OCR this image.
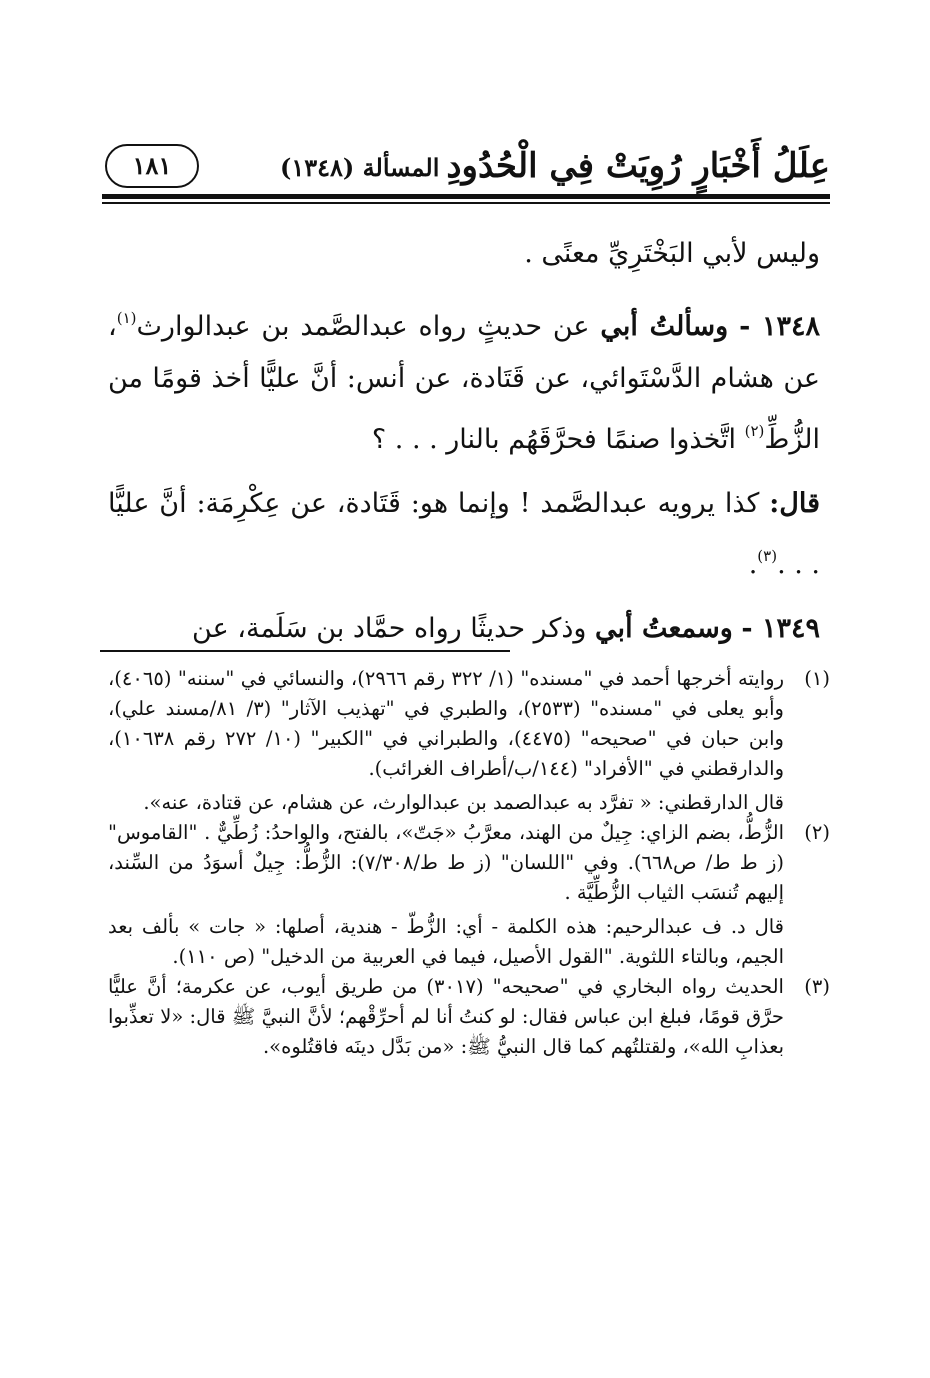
عِلَلُ أَخْبَارٍ رُوِيَتْ فِي الْحُدُودِ
المسألة (١٣٤٨)
١٨١

وليس لأبي البَخْتَرِيِّ معنًى .

١٣٤٨ - وسألتُ أبي عن حديثٍ رواه عبدالصَّمد بن عبدالوارث$^{(١)}$، عن هشام الدَّسْتَوائي، عن قَتَادة، عن أنس: أنَّ عليًّا أخذ قومًا من الزُّطِّ$^{(٢)}$ اتَّخذوا صنمًا فحرَّقَهُم بالنار . . . ؟

قال: كذا يرويه عبدالصَّمد ! وإنما هو: قَتَادة، عن عِكْرِمَة: أنَّ عليًّا . . .$^{(٣)}$.

١٣٤٩ - وسمعتُ أبي وذكر حديثًا رواه حمَّاد بن سَلَمة، عن

(١)

روايته أخرجها أحمد في "مسنده" (١/ ٣٢٢ رقم ٢٩٦٦)، والنسائي في "سننه" (٤٠٦٥)، وأبو يعلى في "مسنده" (٢٥٣٣)، والطبري في "تهذيب الآثار" (٣/ ٨١/مسند علي)، وابن حبان في "صحيحه" (٤٤٧٥)، والطبراني في "الكبير" (١٠/ ٢٧٢ رقم ١٠٦٣٨)، والدارقطني في "الأفراد" (١٤٤/ب/أطراف الغرائب).

قال الدارقطني: « تفرَّد به عبدالصمد بن عبدالوارث، عن هشام، عن قتادة، عنه».

(٢)

الزُّطُّ، بضم الزاي: جِيلٌ من الهند، معرَّبُ «جَتّ»، بالفتح، والواحدُ: زُطِّيٌّ . "القاموس" (ز ط ط/ ص٦٦٨). وفي "اللسان" (ز ط ط/٧/٣٠٨): الزُّطُّ: جِيلٌ أسوَدُ من السِّند، إليهم تُنسَب الثياب الزُّطِّيَّة .

قال د. ف عبدالرحيم: هذه الكلمة - أي: الزُّطّ - هندية، أصلها: « جات » بألف بعد الجيم، وبالتاء اللثوية. "القول الأصيل، فيما في العربية من الدخيل" (ص ١١٠).

(٣)

الحديث رواه البخاري في "صحيحه" (٣٠١٧) من طريق أيوب، عن عكرمة؛ أنَّ عليًّا حرَّق قومًا، فبلغ ابن عباس فقال: لو كنتُ أنا لم أحرِّقْهم؛ لأنَّ النبيَّ ﷺ قال: «لا تعذِّبوا بعذابِ الله»، ولقتلتُهم كما قال النبيُّ ﷺ: «من بَدَّل دينَه فاقتُلوه».
